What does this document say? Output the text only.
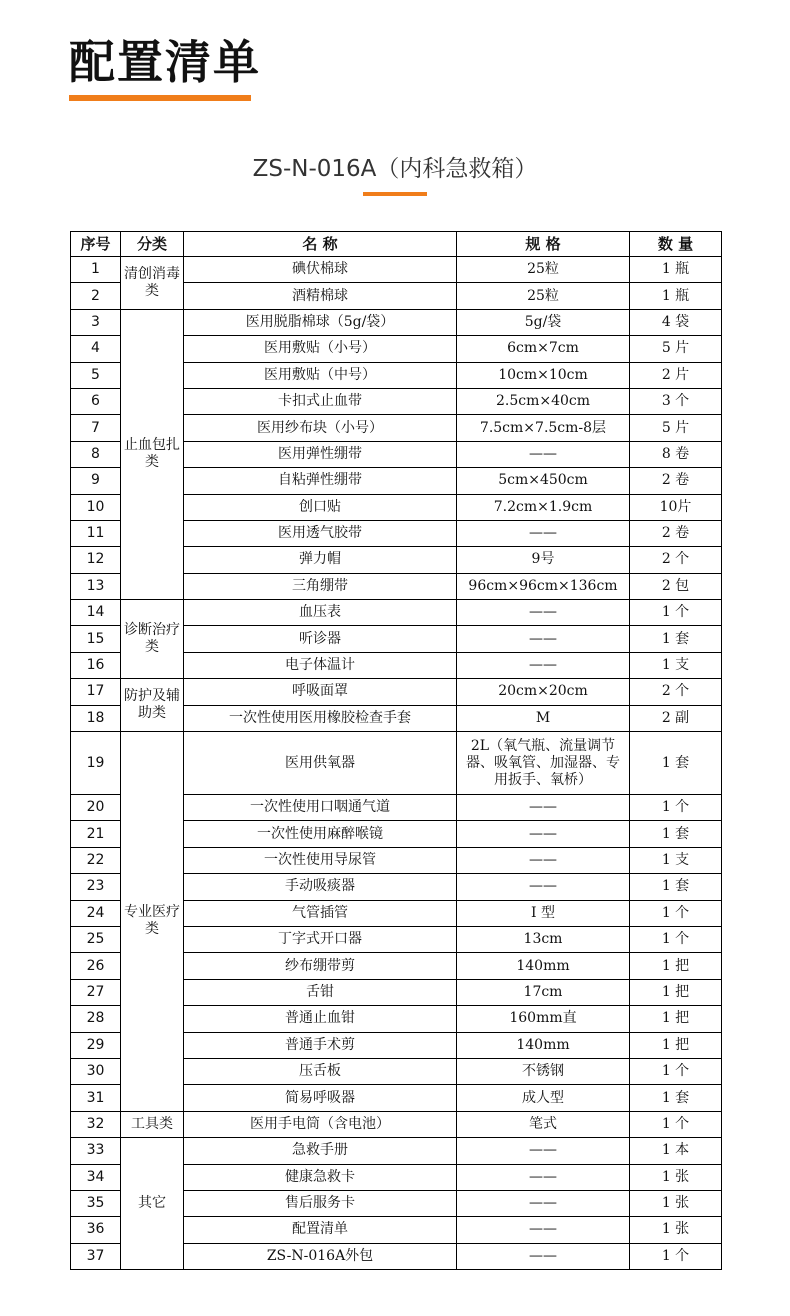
配置清单
ZS-N-016A（内科急救箱）
序号	分类	名 称	规 格	数 量
1	清创消毒类	碘伏棉球	25粒	1 瓶
2		酒精棉球	25粒	1 瓶
3	止血包扎类	医用脱脂棉球（5g/袋）	5g/袋	4 袋
4		医用敷贴（小号）	6cm×7cm	5 片
5		医用敷贴（中号）	10cm×10cm	2 片
6		卡扣式止血带	2.5cm×40cm	3 个
7		医用纱布块（小号）	7.5cm×7.5cm-8层	5 片
8		医用弹性绷带	——	8 卷
9		自粘弹性绷带	5cm×450cm	2 卷
10		创口贴	7.2cm×1.9cm	10片
11		医用透气胶带	——	2 卷
12		弹力帽	9号	2 个
13		三角绷带	96cm×96cm×136cm	2 包
14	诊断治疗类	血压表	——	1 个
15		听诊器	——	1 套
16		电子体温计	——	1 支
17	防护及辅助类	呼吸面罩	20cm×20cm	2 个
18		一次性使用医用橡胶检查手套	M	2 副
19	专业医疗类	医用供氧器	2L（氧气瓶、流量调节器、吸氧管、加湿器、专用扳手、氧桥）	1 套
20		一次性使用口咽通气道	——	1 个
21		一次性使用麻醉喉镜	——	1 套
22		一次性使用导尿管	——	1 支
23		手动吸痰器	——	1 套
24		气管插管	I 型	1 个
25		丁字式开口器	13cm	1 个
26		纱布绷带剪	140mm	1 把
27		舌钳	17cm	1 把
28		普通止血钳	160mm直	1 把
29		普通手术剪	140mm	1 把
30		压舌板	不锈钢	1 个
31		简易呼吸器	成人型	1 套
32	工具类	医用手电筒（含电池）	笔式	1 个
33	其它	急救手册	——	1 本
34		健康急救卡	——	1 张
35		售后服务卡	——	1 张
36		配置清单	——	1 张
37		ZS-N-016A外包	——	1 个
